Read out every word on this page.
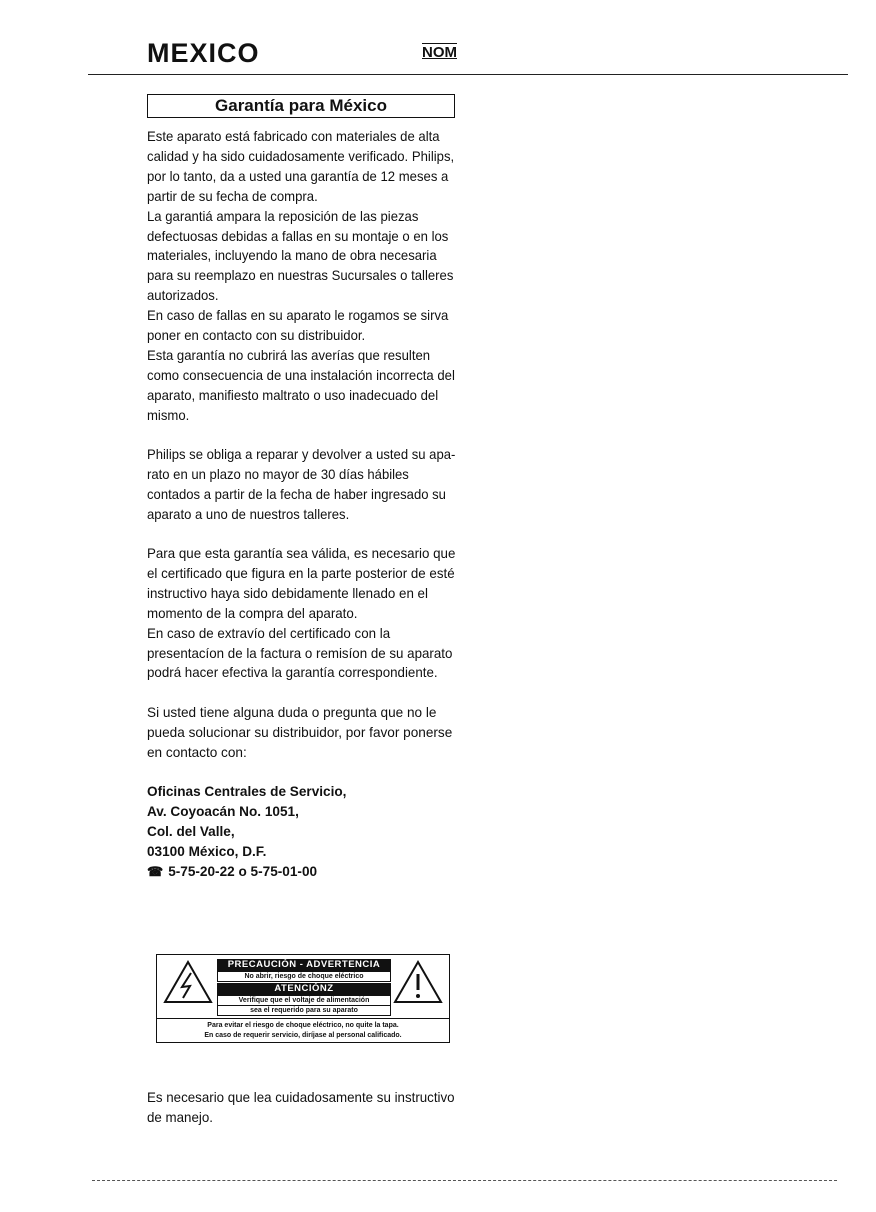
MEXICO	NOM
Garantía para México

Este aparato está fabricado con materiales de alta

calidad y ha sido cuidadosamente verificado. Philips,

por lo tanto, da a usted una garantía de 12 meses a

partir de su fecha de compra.

La garantiá ampara la reposición de las piezas

defectuosas debidas a fallas en su montaje o en los

materiales, incluyendo la mano de obra necesaria

para su reemplazo en nuestras Sucursales o talleres

autorizados.

En caso de fallas en su aparato le rogamos se sirva

poner en contacto con su distribuidor.

Esta garantía no cubrirá las averías que resulten

como consecuencia de una instalación incorrecta del

aparato, manifiesto maltrato o uso inadecuado del

mismo.

Philips se obliga a reparar y devolver a usted su apa-

rato en un plazo no mayor de 30 días hábiles

contados a partir de la fecha de haber ingresado su

aparato a uno de nuestros talleres.

Para que esta garantía sea válida, es necesario que

el certificado que figura en la parte posterior de esté

instructivo haya sido debidamente llenado en el

momento de la compra del aparato.

En caso de extravío del certificado con la

presentacíon de la factura o remisíon de su aparato

podrá hacer efectiva la garantía correspondiente.

Si usted tiene alguna duda o pregunta que no le

pueda solucionar su distribuidor, por favor ponerse

en contacto con:

Oficinas Centrales de Servicio,

Av. Coyoacán No. 1051,

Col. del Valle,

03100 México, D.F.

☎ 5-75-20-22 o 5-75-01-00

PRECAUCIÓN - ADVERTENCIA
No abrir, riesgo de choque eléctrico
ATENCIÓNZ
Verifique que el voltaje de alimentación
sea el requerido para su aparato
Para evitar el riesgo de choque eléctrico, no quite la tapa.
En caso de requerir servicio, diríjase al personal calificado.

Es necesario que lea cuidadosamente su instructivo

de manejo.
